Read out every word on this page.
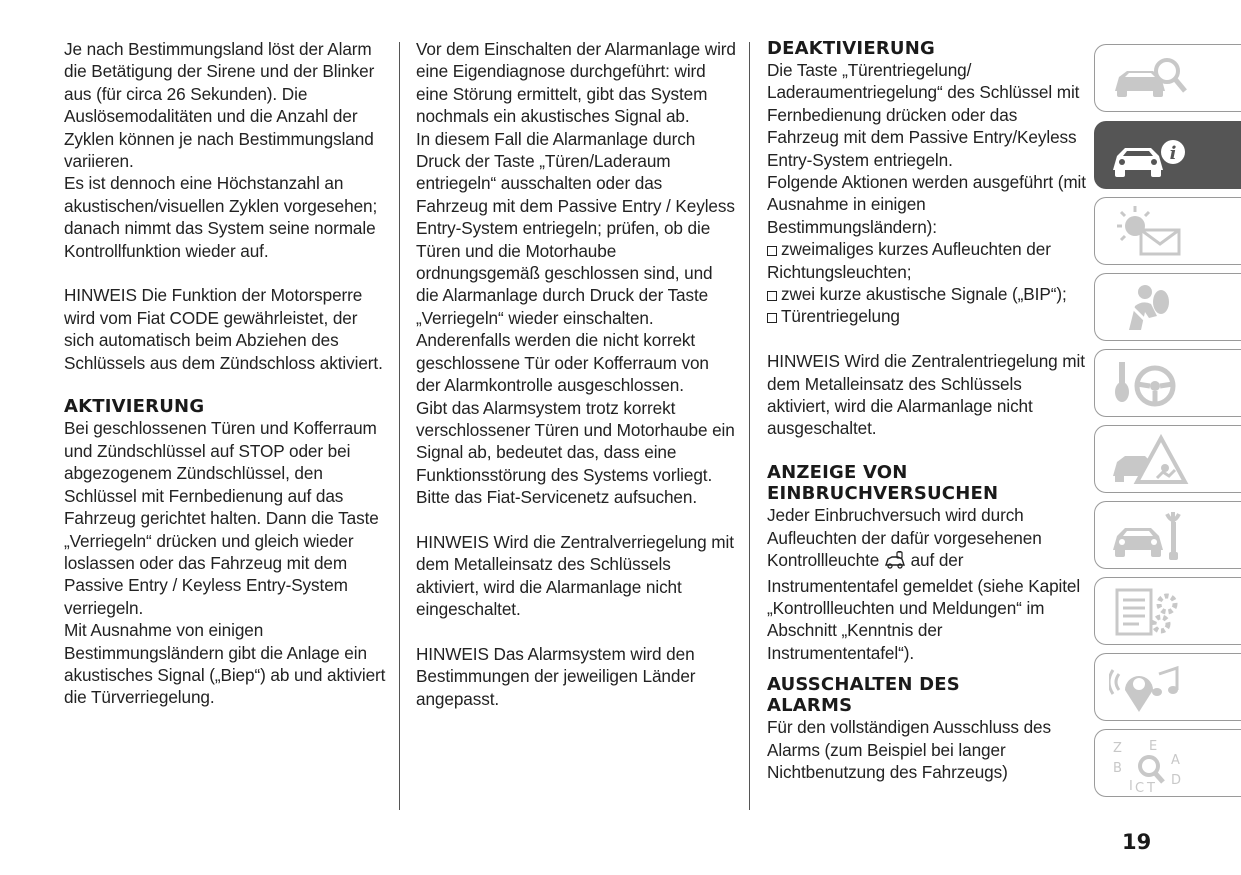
Je nach Bestimmungsland löst der Alarm die Betätigung der Sirene und der Blinker aus (für circa 26 Sekunden). Die Auslösemodalitäten und die Anzahl der Zyklen können je nach Bestimmungsland variieren.

Es ist dennoch eine Höchstanzahl an akustischen/visuellen Zyklen vorgesehen; danach nimmt das System seine normale Kontrollfunktion wieder auf.

HINWEIS Die Funktion der Motorsperre wird vom Fiat CODE gewährleistet, der sich automatisch beim Abziehen des Schlüssels aus dem Zündschloss aktiviert.

AKTIVIERUNG

Bei geschlossenen Türen und Kofferraum und Zündschlüssel auf STOP oder bei abgezogenem Zündschlüssel, den Schlüssel mit Fernbedienung auf das Fahrzeug gerichtet halten. Dann die Taste „Verriegeln“ drücken und gleich wieder loslassen oder das Fahrzeug mit dem Passive Entry / Keyless Entry-System verriegeln.

Mit Ausnahme von einigen Bestimmungsländern gibt die Anlage ein akustisches Signal („Biep“) ab und aktiviert die Türverriegelung.

Vor dem Einschalten der Alarmanlage wird eine Eigendiagnose durchgeführt: wird eine Störung ermittelt, gibt das System nochmals ein akustisches Signal ab.

In diesem Fall die Alarmanlage durch Druck der Taste „Türen/Laderaum entriegeln“ ausschalten oder das Fahrzeug mit dem Passive Entry / Keyless Entry-System entriegeln; prüfen, ob die Türen und die Motorhaube ordnungsgemäß geschlossen sind, und die Alarmanlage durch Druck der Taste „Verriegeln“ wieder einschalten.

Anderenfalls werden die nicht korrekt geschlossene Tür oder Kofferraum von der Alarmkontrolle ausgeschlossen.

Gibt das Alarmsystem trotz korrekt verschlossener Türen und Motorhaube ein Signal ab, bedeutet das, dass eine Funktionsstörung des Systems vorliegt. Bitte das Fiat-Servicenetz aufsuchen.

HINWEIS Wird die Zentralverriegelung mit dem Metalleinsatz des Schlüssels aktiviert, wird die Alarmanlage nicht eingeschaltet.

HINWEIS Das Alarmsystem wird den Bestimmungen der jeweiligen Länder angepasst.

DEAKTIVIERUNG

Die Taste „Türentriegelung/ Laderaumentriegelung“ des Schlüssel mit Fernbedienung drücken oder das Fahrzeug mit dem Passive Entry/Keyless Entry-System entriegeln.

Folgende Aktionen werden ausgeführt (mit Ausnahme in einigen Bestimmungsländern):

zweimaliges kurzes Aufleuchten der Richtungsleuchten;

zwei kurze akustische Signale („BIP“);

Türentriegelung

HINWEIS Wird die Zentralentriegelung mit dem Metalleinsatz des Schlüssels aktiviert, wird die Alarmanlage nicht ausgeschaltet.

ANZEIGE VON
EINBRUCHVERSUCHEN

Jeder Einbruchversuch wird durch Aufleuchten der dafür vorgesehenen Kontrollleuchte auf der Instrumententafel gemeldet (siehe Kapitel „Kontrollleuchten und Meldungen“ im Abschnitt „Kenntnis der Instrumententafel“).

AUSSCHALTEN DES
ALARMS

Für den vollständigen Ausschluss des Alarms (zum Beispiel bei langer Nichtbenutzung des Fahrzeugs)

i
Z E
B
A
D
I C T
19
